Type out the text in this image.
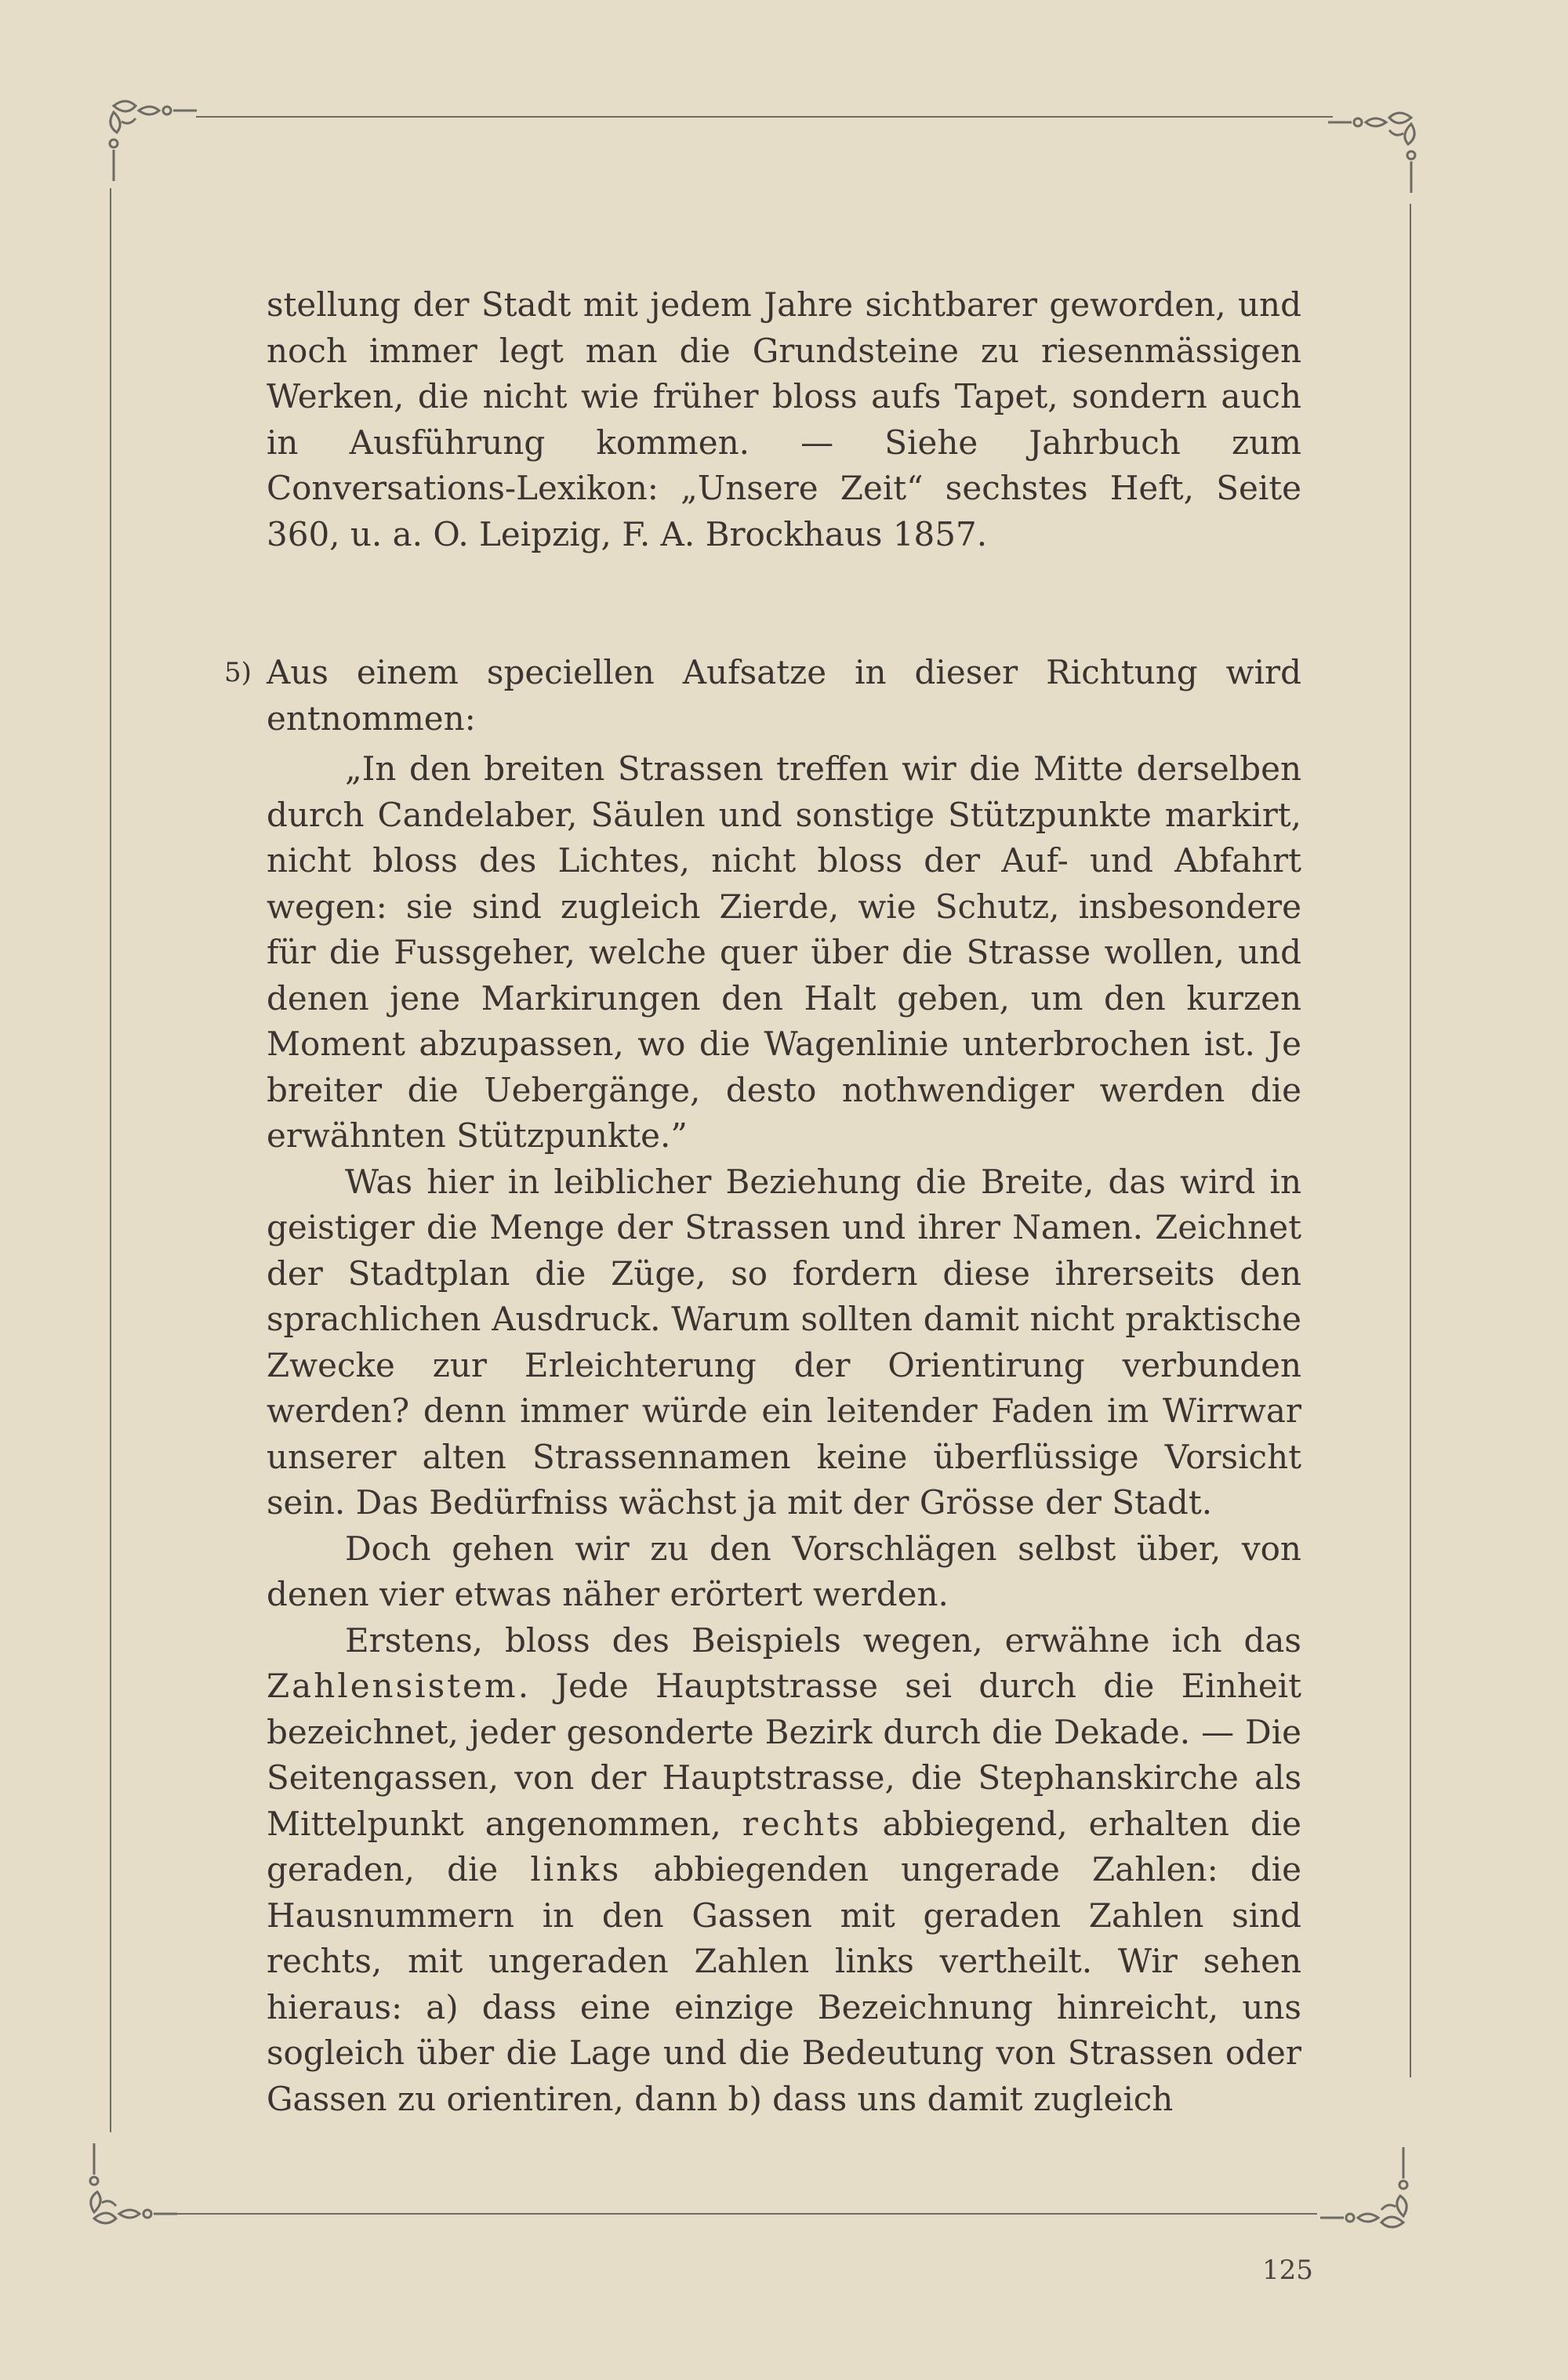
stellung der Stadt mit jedem Jahre sichtbarer geworden, und noch immer legt man die Grundsteine zu riesenmässigen Werken, die nicht wie früher bloss aufs Tapet, sondern auch in Ausführung kommen. — Siehe Jahrbuch zum Conversations-Lexikon: „Unsere Zeit“ sechstes Heft, Seite 360, u. a. O. Leipzig, F. A. Brockhaus 1857.

5) Aus einem speciellen Aufsatze in dieser Richtung wird entnommen:

„In den breiten Strassen treffen wir die Mitte derselben durch Candelaber, Säulen und sonstige Stützpunkte markirt, nicht bloss des Lichtes, nicht bloss der Auf- und Abfahrt wegen: sie sind zugleich Zierde, wie Schutz, insbesondere für die Fussgeher, welche quer über die Strasse wollen, und denen jene Markirungen den Halt geben, um den kurzen Moment abzupassen, wo die Wagenlinie unterbrochen ist. Je breiter die Uebergänge, desto nothwendiger werden die erwähnten Stützpunkte.”

Was hier in leiblicher Beziehung die Breite, das wird in geistiger die Menge der Strassen und ihrer Namen. Zeichnet der Stadtplan die Züge, so fordern diese ihrerseits den sprachlichen Ausdruck. Warum sollten damit nicht praktische Zwecke zur Erleichterung der Orientirung verbunden werden? denn immer würde ein leitender Faden im Wirrwar unserer alten Strassennamen keine überflüssige Vorsicht sein. Das Bedürfniss wächst ja mit der Grösse der Stadt.

Doch gehen wir zu den Vorschlägen selbst über, von denen vier etwas näher erörtert werden.

Erstens, bloss des Beispiels wegen, erwähne ich das Zahlensistem. Jede Hauptstrasse sei durch die Einheit bezeichnet, jeder gesonderte Bezirk durch die Dekade. — Die Seitengassen, von der Hauptstrasse, die Stephanskirche als Mittelpunkt angenommen, rechts abbiegend, erhalten die geraden, die links abbiegenden ungerade Zahlen: die Hausnummern in den Gassen mit geraden Zahlen sind rechts, mit ungeraden Zahlen links vertheilt. Wir sehen hieraus: a) dass eine einzige Bezeichnung hinreicht, uns sogleich über die Lage und die Bedeutung von Strassen oder Gassen zu orientiren, dann b) dass uns damit zugleich

125
